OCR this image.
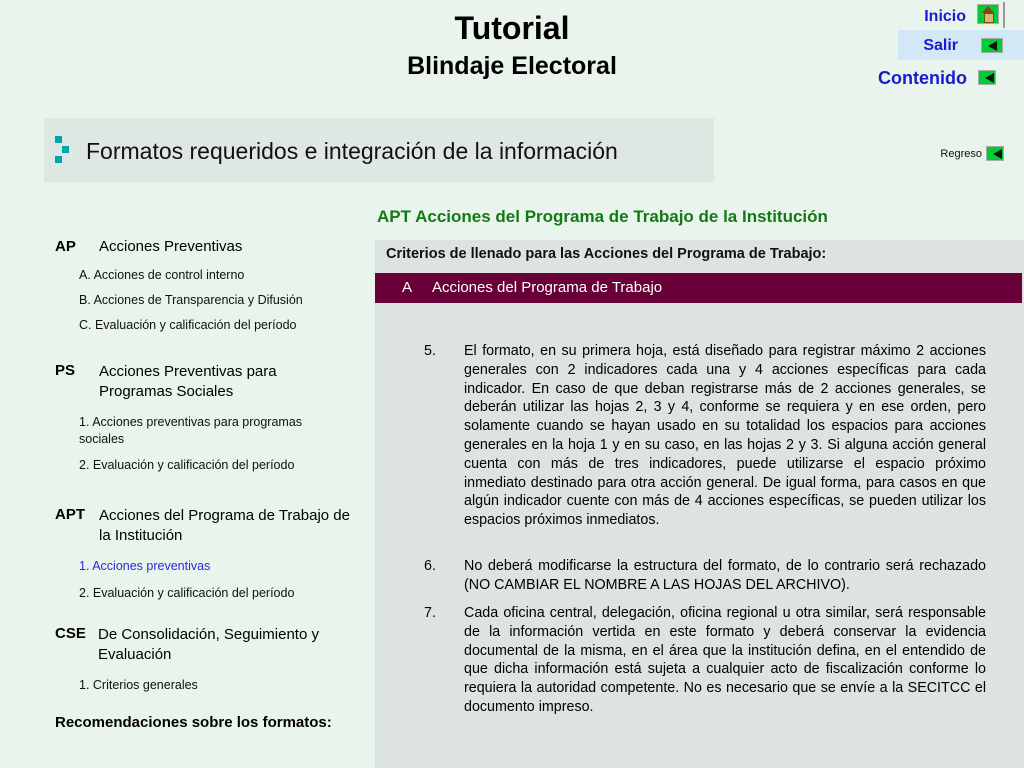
Tutorial
Blindaje Electoral
Inicio
Salir
Contenido
Formatos requeridos e integración de la información	Regreso
AP Acciones Preventivas
A. Acciones de control interno
B. Acciones de Transparencia y Difusión
C. Evaluación y calificación del período
PS Acciones Preventivas para Programas Sociales
1. Acciones preventivas para programas sociales
2. Evaluación y calificación del período
APT Acciones del Programa de Trabajo de la Institución
1. Acciones preventivas
2. Evaluación y calificación del período
CSE De Consolidación, Seguimiento y Evaluación
1. Criterios generales
Recomendaciones sobre los formatos:
APT Acciones del Programa de Trabajo de la Institución
Criterios de llenado para las Acciones del Programa de Trabajo:
A Acciones del Programa de Trabajo
5.	El formato, en su primera hoja, está diseñado para registrar máximo 2 acciones generales con 2 indicadores cada una y 4 acciones específicas para cada indicador. En caso de que deban registrarse más de 2 acciones generales, se deberán utilizar las hojas 2, 3 y 4, conforme se requiera y en ese orden, pero solamente cuando se hayan usado en su totalidad los espacios para acciones generales en la hoja 1 y en su caso, en las hojas 2 y 3. Si alguna acción general cuenta con más de tres indicadores, puede utilizarse el espacio próximo inmediato destinado para otra acción general. De igual forma, para casos en que algún indicador cuente con más de 4 acciones específicas, se pueden utilizar los espacios próximos inmediatos.
6.	No deberá modificarse la estructura del formato, de lo contrario será rechazado (NO CAMBIAR EL NOMBRE A LAS HOJAS DEL ARCHIVO).
7.	Cada oficina central, delegación, oficina regional u otra similar, será responsable de la información vertida en este formato y deberá conservar la evidencia documental de la misma, en el área que la institución defina, en el entendido de que dicha información está sujeta a cualquier acto de fiscalización conforme lo requiera la autoridad competente. No es necesario que se envíe a la SECITCC el documento impreso.
